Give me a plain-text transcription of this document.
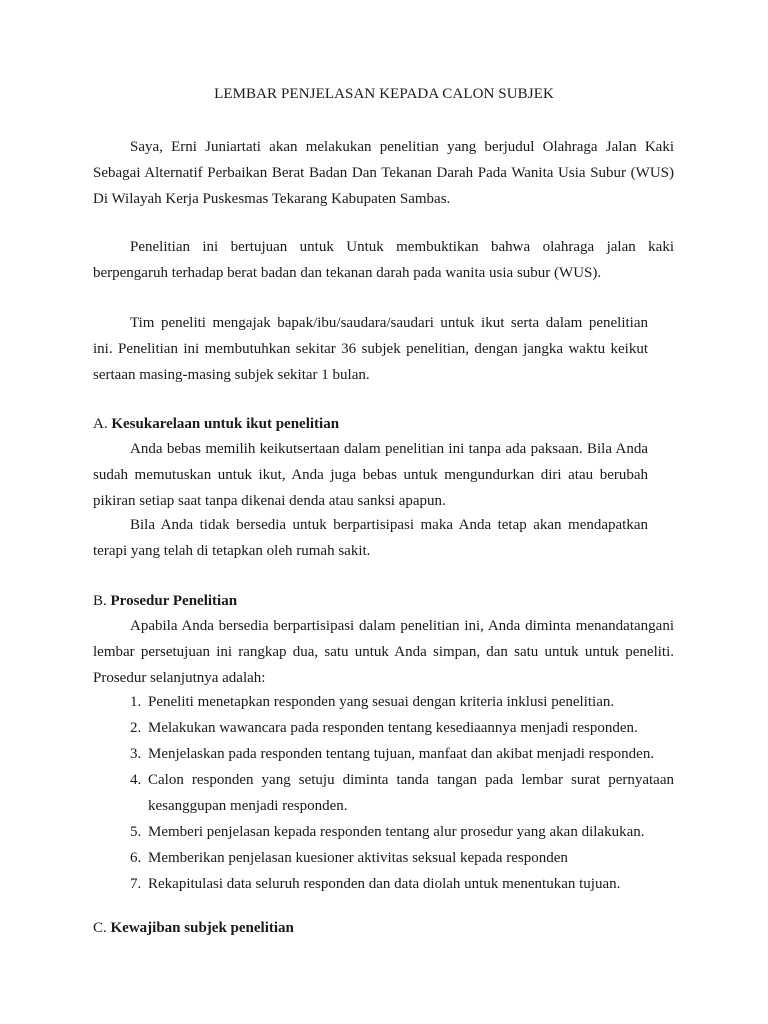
LEMBAR PENJELASAN KEPADA CALON SUBJEK

Saya, Erni Juniartati akan melakukan penelitian yang berjudul Olahraga Jalan Kaki Sebagai Alternatif Perbaikan Berat Badan Dan Tekanan Darah Pada Wanita Usia Subur (WUS) Di Wilayah Kerja Puskesmas Tekarang Kabupaten Sambas.

Penelitian ini bertujuan untuk Untuk membuktikan bahwa olahraga jalan kaki berpengaruh terhadap berat badan dan tekanan darah pada wanita usia subur (WUS).

Tim peneliti mengajak bapak/ibu/saudara/saudari untuk ikut serta dalam penelitian ini. Penelitian ini membutuhkan sekitar 36 subjek penelitian, dengan jangka waktu keikut sertaan masing-masing subjek sekitar 1 bulan.

A. Kesukarelaan untuk ikut penelitian

Anda bebas memilih keikutsertaan dalam penelitian ini tanpa ada paksaan. Bila Anda sudah memutuskan untuk ikut, Anda juga bebas untuk mengundurkan diri atau berubah pikiran setiap saat tanpa dikenai denda atau sanksi apapun.

Bila Anda tidak bersedia untuk berpartisipasi maka Anda tetap akan mendapatkan terapi yang telah di tetapkan oleh rumah sakit.

B. Prosedur Penelitian

Apabila Anda bersedia berpartisipasi dalam penelitian ini, Anda diminta menandatangani lembar persetujuan ini rangkap dua, satu untuk Anda simpan, dan satu untuk untuk peneliti. Prosedur selanjutnya adalah:

1. Peneliti menetapkan responden yang sesuai dengan kriteria inklusi penelitian.
2. Melakukan wawancara pada responden tentang kesediaannya menjadi responden.
3. Menjelaskan pada responden tentang tujuan, manfaat dan akibat menjadi responden.
4. Calon responden yang setuju diminta tanda tangan pada lembar surat pernyataan kesanggupan menjadi responden.
5. Memberi penjelasan kepada responden tentang alur prosedur yang akan dilakukan.
6. Memberikan penjelasan kuesioner aktivitas seksual kepada responden
7. Rekapitulasi data seluruh responden dan data diolah untuk menentukan tujuan.
C. Kewajiban subjek penelitian
